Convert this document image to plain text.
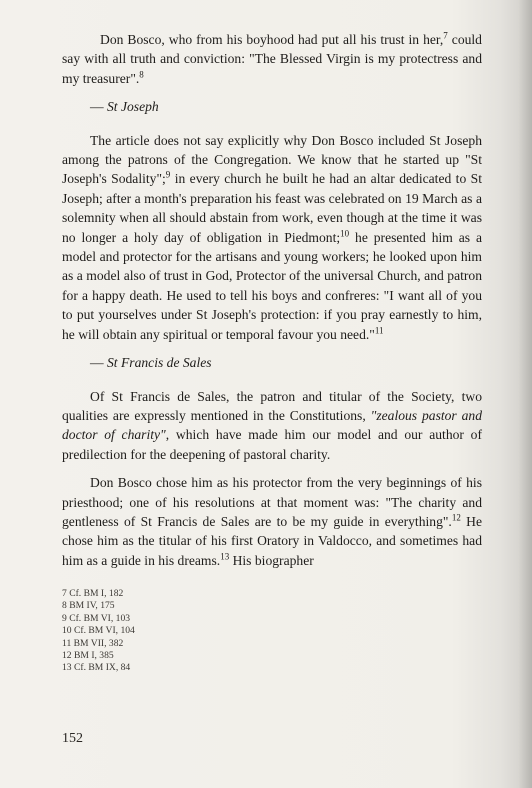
Don Bosco, who from his boyhood had put all his trust in her,$^7$ could say with all truth and conviction: "The Blessed Virgin is my protectress and my treasurer".$^8$

— St Joseph

The article does not say explicitly why Don Bosco included St Joseph among the patrons of the Congregation. We know that he started up "St Joseph's Sodality";$^9$ in every church he built he had an altar dedicated to St Joseph; after a month's preparation his feast was celebrated on 19 March as a solemnity when all should abstain from work, even though at the time it was no longer a holy day of obligation in Piedmont;$^{10}$ he presented him as a model and protector for the artisans and young workers; he looked upon him as a model also of trust in God, Protector of the universal Church, and patron for a happy death. He used to tell his boys and confreres: "I want all of you to put yourselves under St Joseph's protection: if you pray earnestly to him, he will obtain any spiritual or temporal favour you need."$^{11}$

— St Francis de Sales

Of St Francis de Sales, the patron and titular of the Society, two qualities are expressly mentioned in the Constitutions, "zealous pastor and doctor of charity", which have made him our model and our author of predilection for the deepening of pastoral charity.

Don Bosco chose him as his protector from the very beginnings of his priesthood; one of his resolutions at that moment was: "The charity and gentleness of St Francis de Sales are to be my guide in everything".$^{12}$ He chose him as the titular of his first Oratory in Valdocco, and sometimes had him as a guide in his dreams.$^{13}$ His biographer

7 Cf. BM I, 182
8 BM IV, 175
9 Cf. BM VI, 103
10 Cf. BM VI, 104
11 BM VII, 382
12 BM I, 385
13 Cf. BM IX, 84
152
